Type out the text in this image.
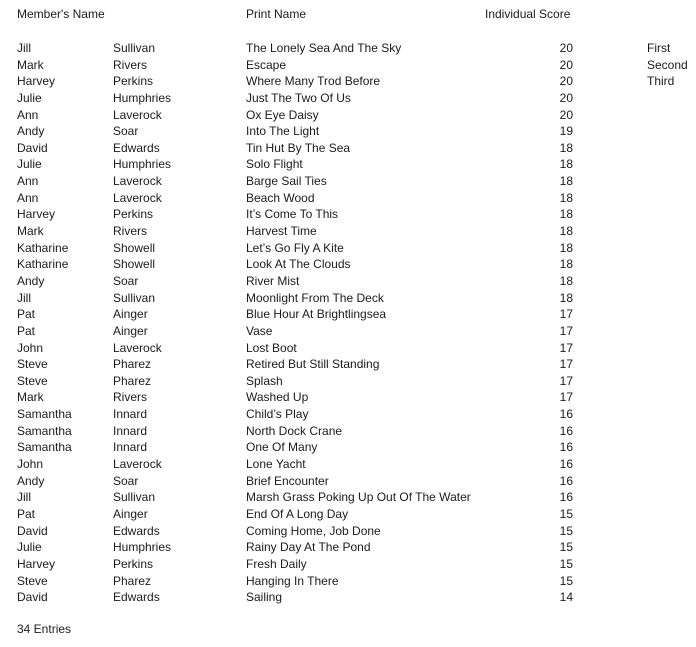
Member's Name	Print Name	Individual Score
Jill	Sullivan	The Lonely Sea And The Sky	20	First
Mark	Rivers	Escape	20	Second
Harvey	Perkins	Where Many Trod Before	20	Third
Julie	Humphries	Just The Two Of Us	20
Ann	Laverock	Ox Eye Daisy	20
Andy	Soar	Into The Light	19
David	Edwards	Tin Hut By The Sea	18
Julie	Humphries	Solo Flight	18
Ann	Laverock	Barge Sail Ties	18
Ann	Laverock	Beach Wood	18
Harvey	Perkins	It’s Come To This	18
Mark	Rivers	Harvest Time	18
Katharine	Showell	Let’s Go Fly A Kite	18
Katharine	Showell	Look At The Clouds	18
Andy	Soar	River Mist	18
Jill	Sullivan	Moonlight From The Deck	18
Pat	Ainger	Blue Hour At Brightlingsea	17
Pat	Ainger	Vase	17
John	Laverock	Lost Boot	17
Steve	Pharez	Retired But Still Standing	17
Steve	Pharez	Splash	17
Mark	Rivers	Washed Up	17
Samantha	Innard	Child’s Play	16
Samantha	Innard	North Dock Crane	16
Samantha	Innard	One Of Many	16
John	Laverock	Lone Yacht	16
Andy	Soar	Brief Encounter	16
Jill	Sullivan	Marsh Grass Poking Up Out Of The Water	16
Pat	Ainger	End Of A Long Day	15
David	Edwards	Coming Home, Job Done	15
Julie	Humphries	Rainy Day At The Pond	15
Harvey	Perkins	Fresh Daily	15
Steve	Pharez	Hanging In There	15
David	Edwards	Sailing	14
34 Entries
